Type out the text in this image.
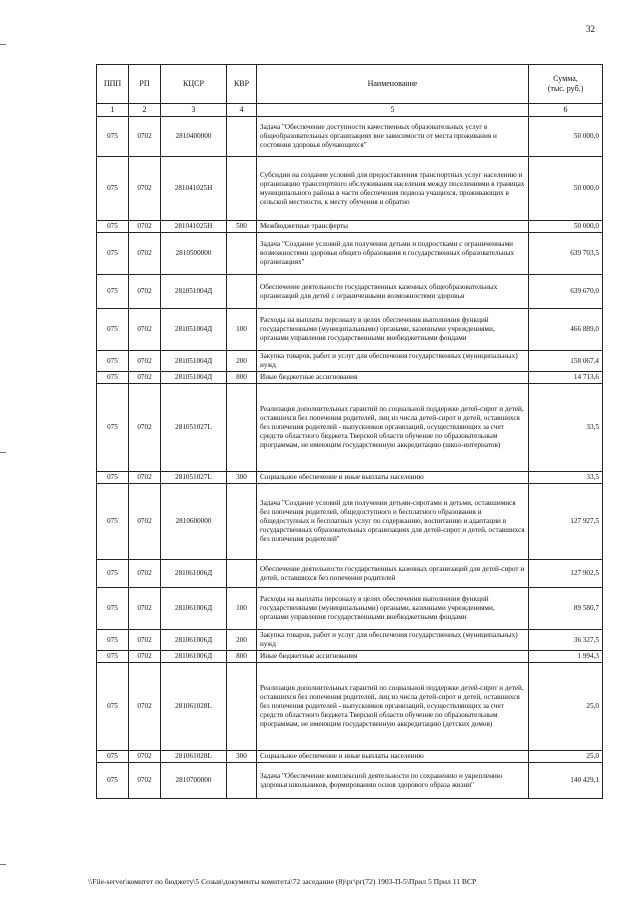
32
ППП	РП	КЦСР	КВР	Наименование	Сумма,
(тыс. руб.)
1	2	3	4	5	6
075	0702	2810400000		Задача "Обеспечение доступности качественных образовательных услуг в общеобразовательных организациях вне зависимости от места проживания и состояния здоровья обучающихся"	50 000,0
075	0702	281041025Н		Субсидии на создание условий для предоставления транспортных услуг населению и организацию транспортного обслуживания населения между поселениями в границах муниципального района в части обеспечения подвоза учащихся, проживающих в сельской местности, к месту обучения и обратно	50 000,0
075	0702	281041025Н	500	Межбюджетные трансферты	50 000,0
075	0702	2810500000		Задача "Создание условий для получения детьми и подростками с ограниченными возможностями здоровья общего образования в государственных образовательных организациях"	639 703,5
075	0702	281051004Д		Обеспечение деятельности государственных казенных общеобразовательных организаций для детей с ограниченными возможностями здоровья	639 670,0
075	0702	281051004Д	100	Расходы на выплаты персоналу в целях обеспечения выполнения функций государственными (муниципальными) органами, казенными учреждениями, органами управления государственными внебюджетными фондами	466 889,0
075	0702	281051004Д	200	Закупка товаров, работ и услуг для обеспечения государственных (муниципальных) нужд	158 067,4
075	0702	281051004Д	800	Иные бюджетные ассигнования	14 713,6
075	0702	281051027L		Реализация дополнительных гарантий по социальной поддержке детей-сирот и детей, оставшихся без попечения родителей, лиц из числа детей-сирот и детей, оставшихся без попечения родителей - выпускников организаций, осуществляющих за счет средств областного бюджета Тверской области обучение по образовательным программам, не имеющим государственную аккредитацию (школ-интернатов)	33,5
075	0702	281051027L	300	Социальное обеспечение и иные выплаты населению	33,5
075	0702	2810600000		Задача "Создание условий для получения детьми-сиротами и детьми, оставшимися без попечения родителей, общедоступного и бесплатного образования и общедоступных и бесплатных услуг по содержанию, воспитанию и адаптации в государственных образовательных организациях для детей-сирот и детей, оставшихся без попечения родителей"	127 927,5
075	0702	281061006Д		Обеспечение деятельности государственных казенных организаций для детей-сирот и детей, оставшихся без попечения родителей	127 902,5
075	0702	281061006Д	100	Расходы на выплаты персоналу в целях обеспечения выполнения функций государственными (муниципальными) органами, казенными учреждениями, органами управления государственными внебюджетными фондами	89 580,7
075	0702	281061006Д	200	Закупка товаров, работ и услуг для обеспечения государственных (муниципальных) нужд	36 327,5
075	0702	281061006Д	800	Иные бюджетные ассигнования	1 994,3
075	0702	281061028L		Реализация дополнительных гарантий по социальной поддержке детей-сирот и детей, оставшихся без попечения родителей, лиц из числа детей-сирот и детей, оставшихся без попечения родителей - выпускников организаций, осуществляющих за счет средств областного бюджета Тверской области обучение по образовательным программам, не имеющим государственную аккредитацию (детских домов)	25,0
075	0702	281061028L	300	Социальное обеспечение и иные выплаты населению	25,0
075	0702	2810700000		Задача "Обеспечение комплексной деятельности по сохранению и укреплению здоровья школьников, формированию основ здорового образа жизни"	140 429,1
\\File-server\комитет по бюджету\5 Созыв\документы комитета\72 заседание (8)\рг\рг(72) 1903-П-5\Прил 5 Прил 11 ВСР
